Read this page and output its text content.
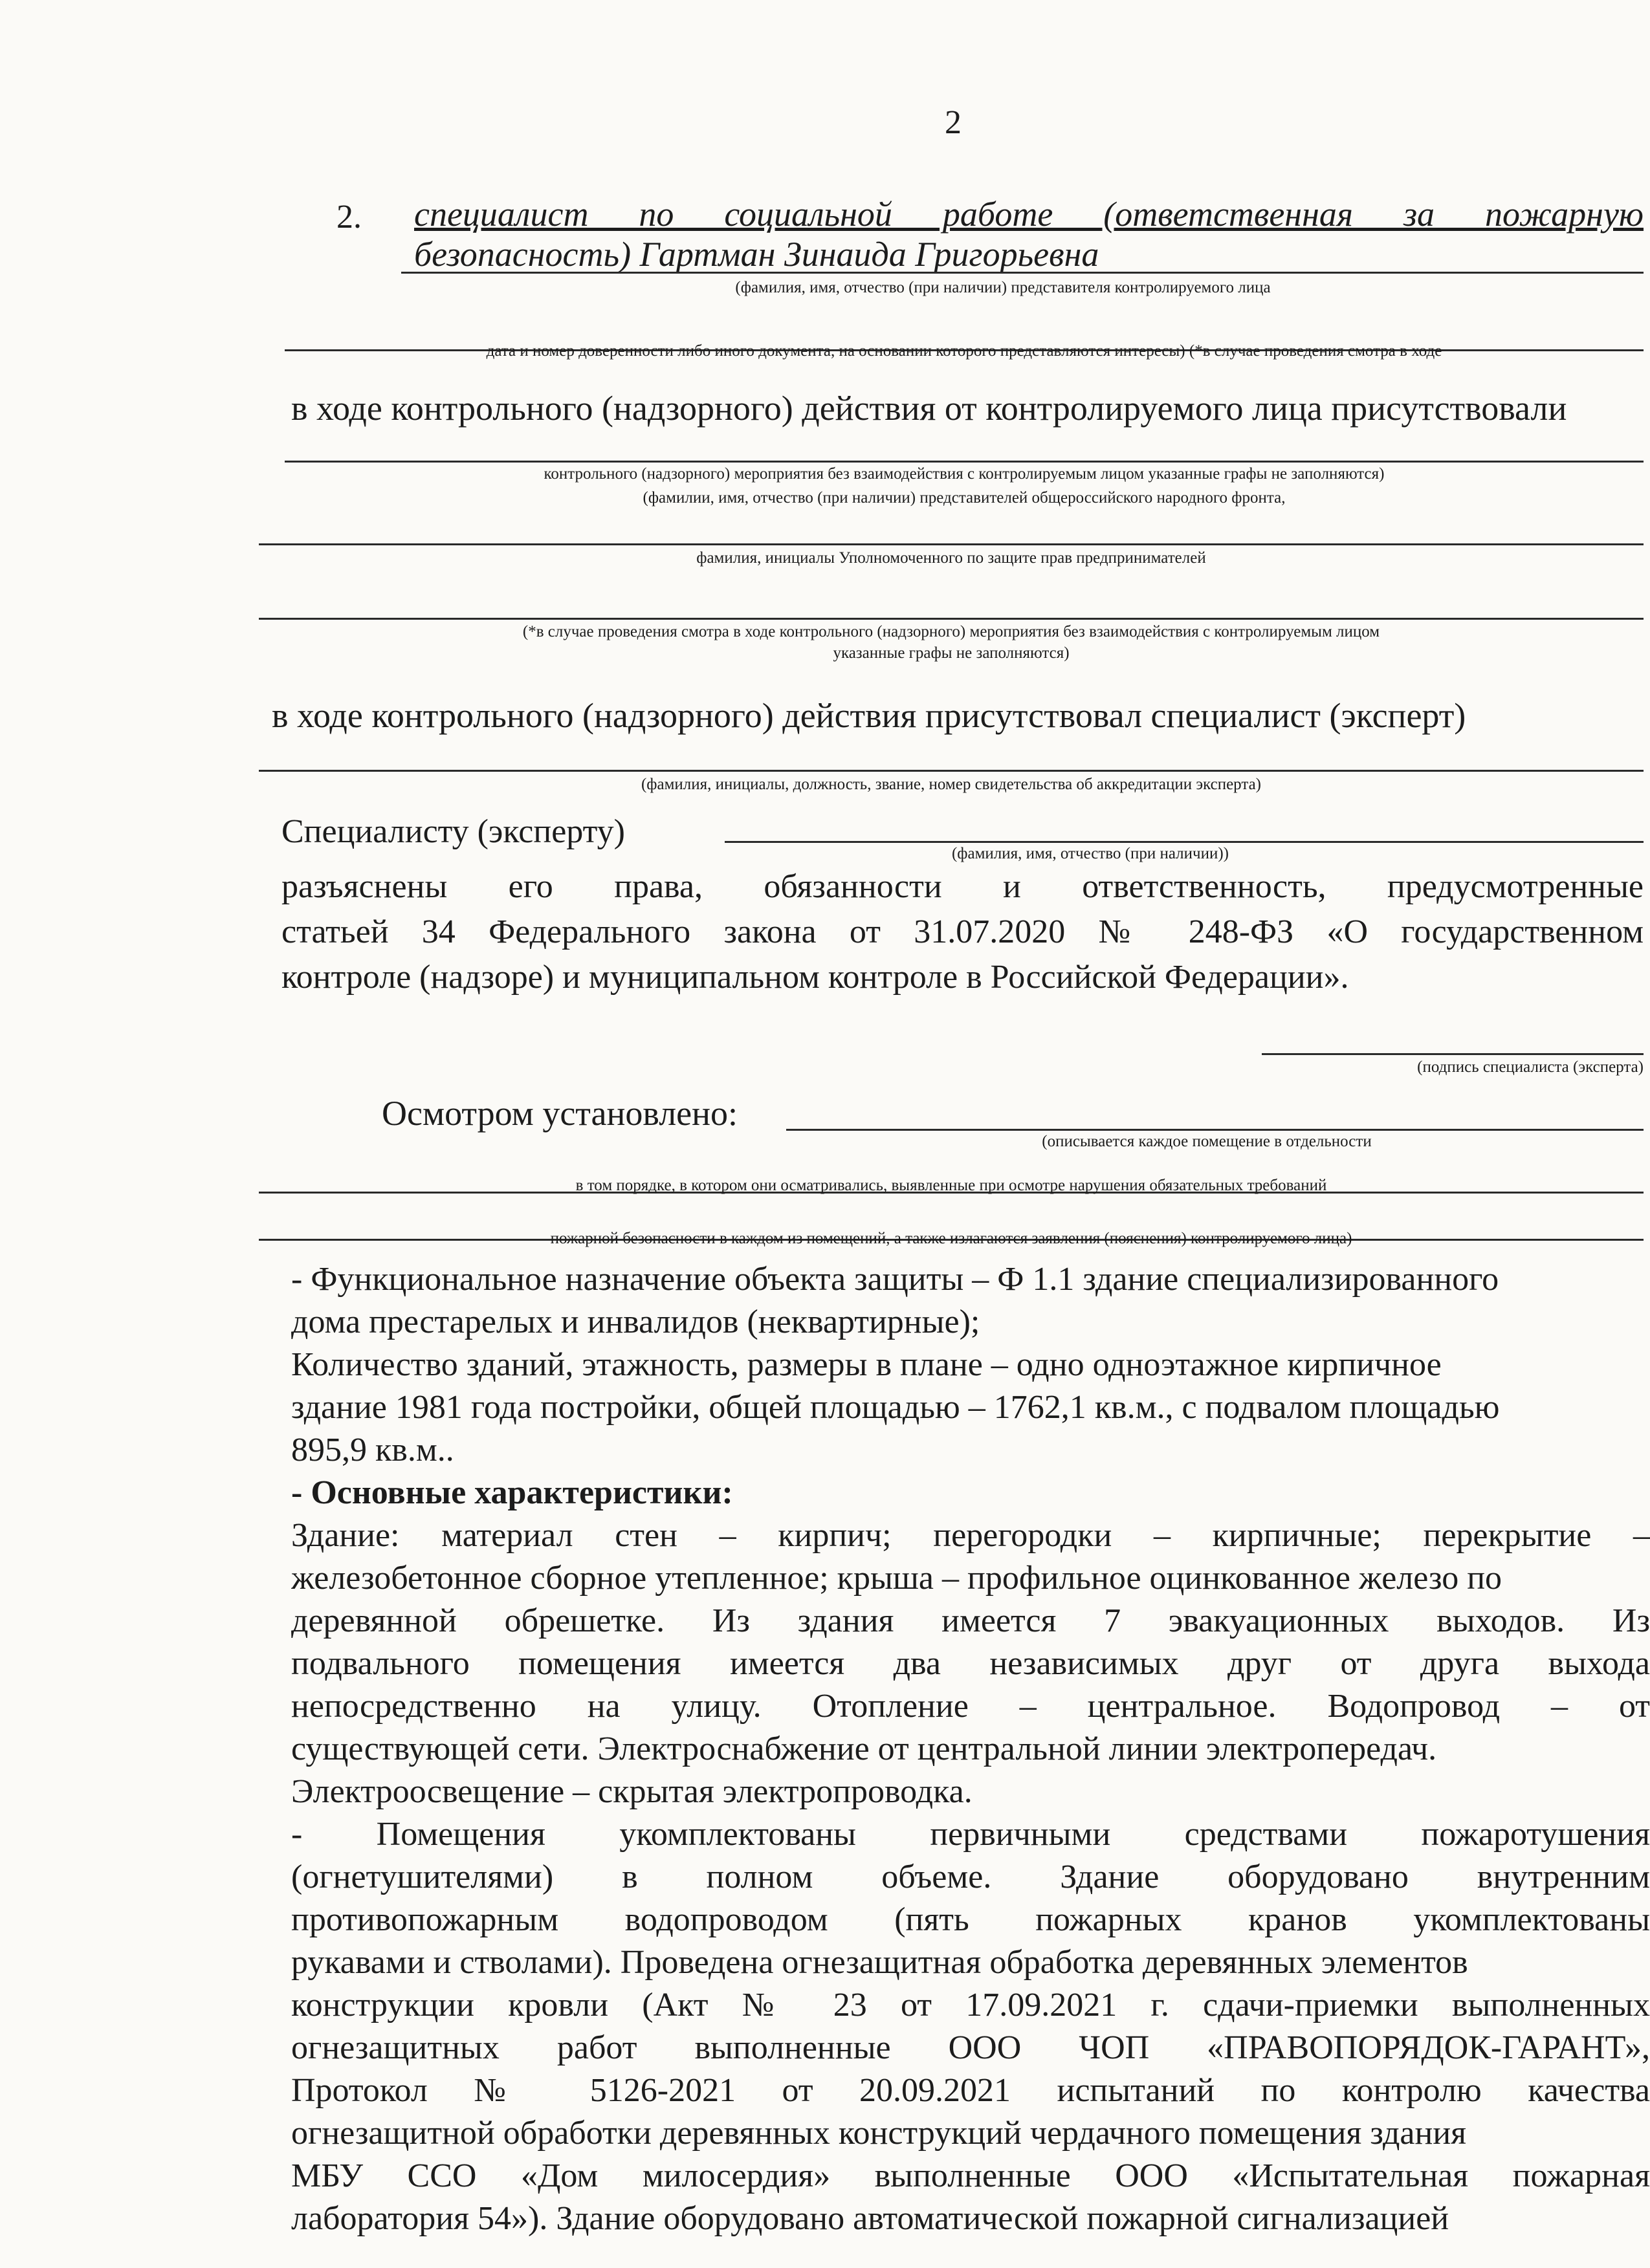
2
2. специалист по социальной работе (ответственная за пожарную
безопасность) Гартман Зинаида Григорьевна
(фамилия, имя, отчество (при наличии) представителя контролируемого лица
дата и номер доверенности либо иного документа, на основании которого представляются интересы) (*в случае проведения смотра в ходе
в ходе контрольного (надзорного) действия от контролируемого лица присутствовали
контрольного (надзорного) мероприятия без взаимодействия с контролируемым лицом указанные графы не заполняются)
(фамилии, имя, отчество (при наличии) представителей общероссийского народного фронта,
фамилия, инициалы Уполномоченного по защите прав предпринимателей
(*в случае проведения смотра в ходе контрольного (надзорного) мероприятия без взаимодействия с контролируемым лицом
указанные графы не заполняются)
в ходе контрольного (надзорного) действия присутствовал специалист (эксперт)
(фамилия, инициалы, должность, звание, номер свидетельства об аккредитации эксперта)
Специалисту (эксперту)
(фамилия, имя, отчество (при наличии))
разъяснены его права, обязанности и ответственность, предусмотренные
статьей 34 Федерального закона от 31.07.2020 № 248-ФЗ «О государственном
контроле (надзоре) и муниципальном контроле в Российской Федерации».
(подпись специалиста (эксперта)
Осмотром установлено:
(описывается каждое помещение в отдельности
в том порядке, в котором они осматривались, выявленные при осмотре нарушения обязательных требований
пожарной безопасности в каждом из помещений, а также излагаются заявления (пояснения) контролируемого лица)
- Функциональное назначение объекта защиты – Ф 1.1 здание специализированного
дома престарелых и инвалидов (неквартирные);
Количество зданий, этажность, размеры в плане – одно одноэтажное кирпичное
здание 1981 года постройки, общей площадью – 1762,1 кв.м., с подвалом площадью
895,9 кв.м..
- Основные характеристики:
Здание: материал стен – кирпич; перегородки – кирпичные; перекрытие –
железобетонное сборное утепленное; крыша – профильное оцинкованное железо по
деревянной обрешетке. Из здания имеется 7 эвакуационных выходов. Из
подвального помещения имеется два независимых друг от друга выхода
непосредственно на улицу. Отопление – центральное. Водопровод – от
существующей сети. Электроснабжение от центральной линии электропередач.
Электроосвещение – скрытая электропроводка.
- Помещения укомплектованы первичными средствами пожаротушения
(огнетушителями) в полном объеме. Здание оборудовано внутренним
противопожарным водопроводом (пять пожарных кранов укомплектованы
рукавами и стволами). Проведена огнезащитная обработка деревянных элементов
конструкции кровли (Акт № 23 от 17.09.2021 г. сдачи-приемки выполненных
огнезащитных работ выполненные ООО ЧОП «ПРАВОПОРЯДОК-ГАРАНТ»,
Протокол № 5126-2021 от 20.09.2021 испытаний по контролю качества
огнезащитной обработки деревянных конструкций чердачного помещения здания
МБУ ССО «Дом милосердия» выполненные ООО «Испытательная пожарная
лаборатория 54»). Здание оборудовано автоматической пожарной сигнализацией
